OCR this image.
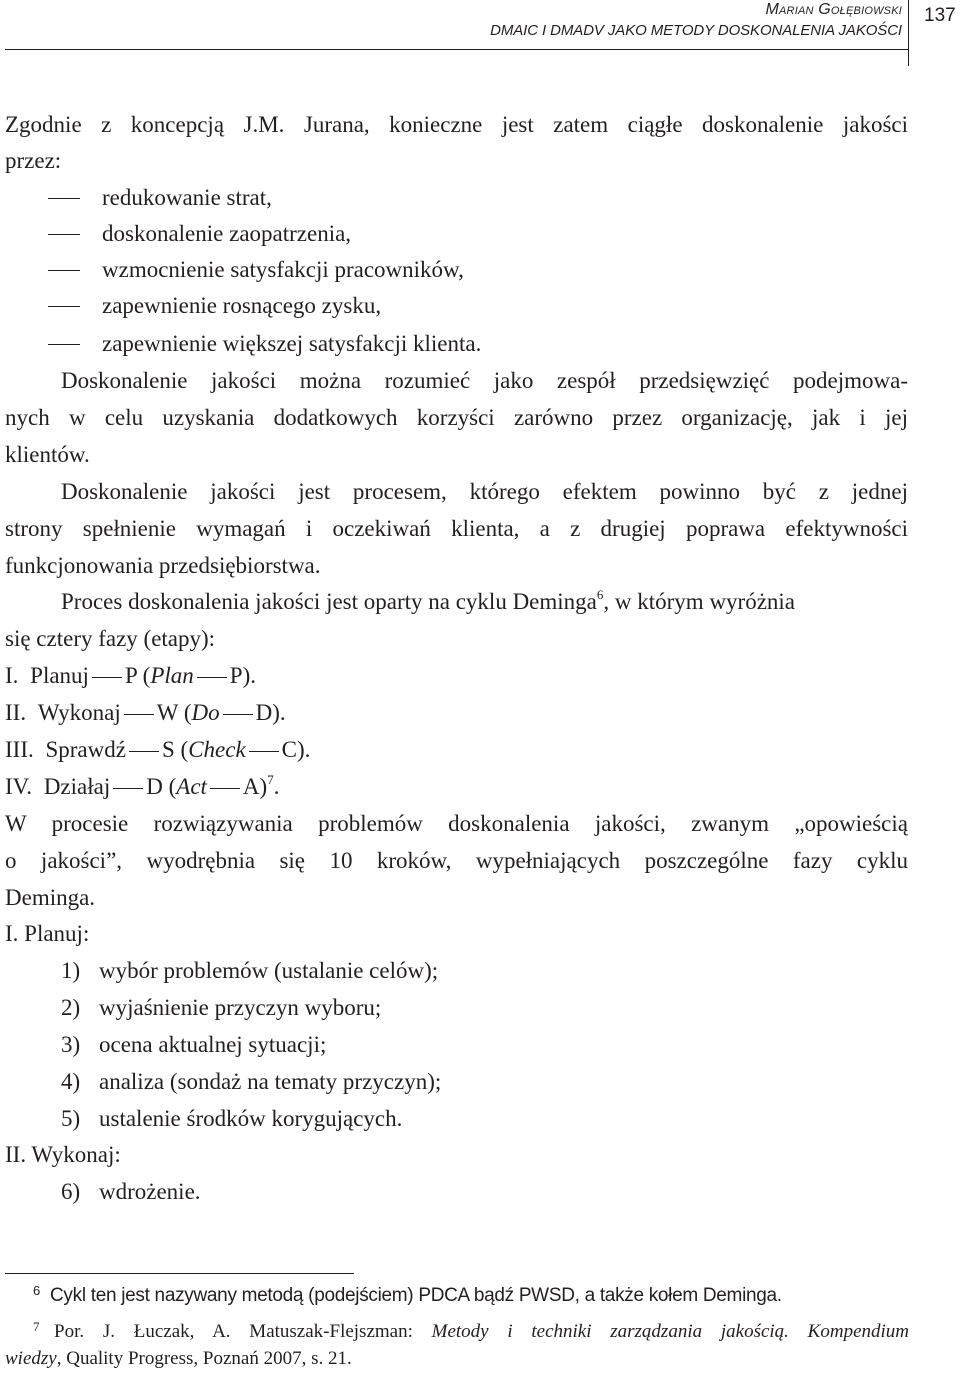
Marian Gołębiowski
DMAIC I DMADV JAKO METODY DOSKONALENIA JAKOŚCI
137
Zgodnie z koncepcją J.M. Jurana, konieczne jest zatem ciągłe doskonalenie jakości
przez:
redukowanie strat,
doskonalenie zaopatrzenia,
wzmocnienie satysfakcji pracowników,
zapewnienie rosnącego zysku,
zapewnienie większej satysfakcji klienta.
Doskonalenie jakości można rozumieć jako zespół przedsięwzięć podejmowa-
nych w celu uzyskania dodatkowych korzyści zarówno przez organizację, jak i jej
klientów.
Doskonalenie jakości jest procesem, którego efektem powinno być z jednej
strony spełnienie wymagań i oczekiwań klienta, a z drugiej poprawa efektywności
funkcjonowania przedsiębiorstwa.
Proces doskonalenia jakości jest oparty na cyklu Deminga$^6$, w którym wyróżnia
się cztery fazy (etapy):
I. Planuj P (Plan P).
II. Wykonaj W (Do D).
III. Sprawdź S (Check C).
IV. Działaj D (Act A)$^7$.
W procesie rozwiązywania problemów doskonalenia jakości, zwanym „opowieścią
o jakości”, wyodrębnia się 10 kroków, wypełniających poszczególne fazy cyklu
Deminga.
I. Planuj:
1) wybór problemów (ustalanie celów);
2) wyjaśnienie przyczyn wyboru;
3) ocena aktualnej sytuacji;
4) analiza (sondaż na tematy przyczyn);
5) ustalenie środków korygujących.
II. Wykonaj:
6) wdrożenie.
6 Cykl ten jest nazywany metodą (podejściem) PDCA bądź PWSD, a także kołem Deminga.
7 Por. J. Łuczak, A. Matuszak-Flejszman: Metody i techniki zarządzania jakością. Kompendium
wiedzy, Quality Progress, Poznań 2007, s. 21.
